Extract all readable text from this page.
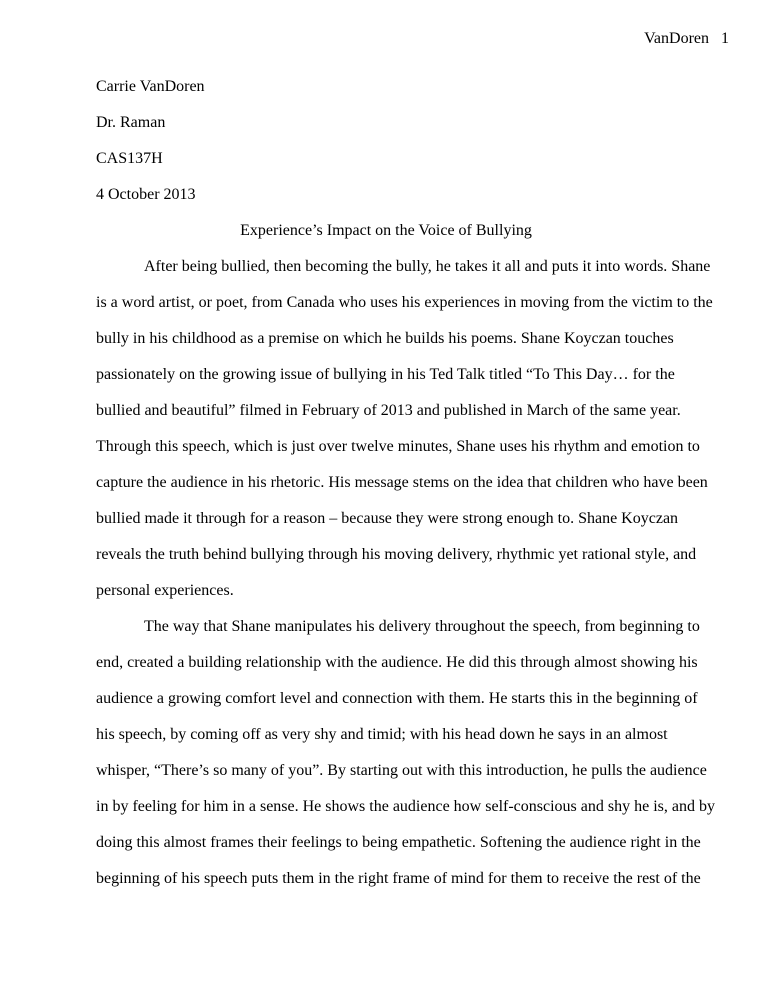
VanDoren 1
Carrie VanDoren
Dr. Raman
CAS137H
4 October 2013
Experience’s Impact on the Voice of Bullying
After being bullied, then becoming the bully, he takes it all and puts it into words. Shane
is a word artist, or poet, from Canada who uses his experiences in moving from the victim to the
bully in his childhood as a premise on which he builds his poems. Shane Koyczan touches
passionately on the growing issue of bullying in his Ted Talk titled “To This Day… for the
bullied and beautiful” filmed in February of 2013 and published in March of the same year.
Through this speech, which is just over twelve minutes, Shane uses his rhythm and emotion to
capture the audience in his rhetoric. His message stems on the idea that children who have been
bullied made it through for a reason – because they were strong enough to. Shane Koyczan
reveals the truth behind bullying through his moving delivery, rhythmic yet rational style, and
personal experiences.
The way that Shane manipulates his delivery throughout the speech, from beginning to
end, created a building relationship with the audience. He did this through almost showing his
audience a growing comfort level and connection with them. He starts this in the beginning of
his speech, by coming off as very shy and timid; with his head down he says in an almost
whisper, “There’s so many of you”. By starting out with this introduction, he pulls the audience
in by feeling for him in a sense. He shows the audience how self-conscious and shy he is, and by
doing this almost frames their feelings to being empathetic. Softening the audience right in the
beginning of his speech puts them in the right frame of mind for them to receive the rest of the
